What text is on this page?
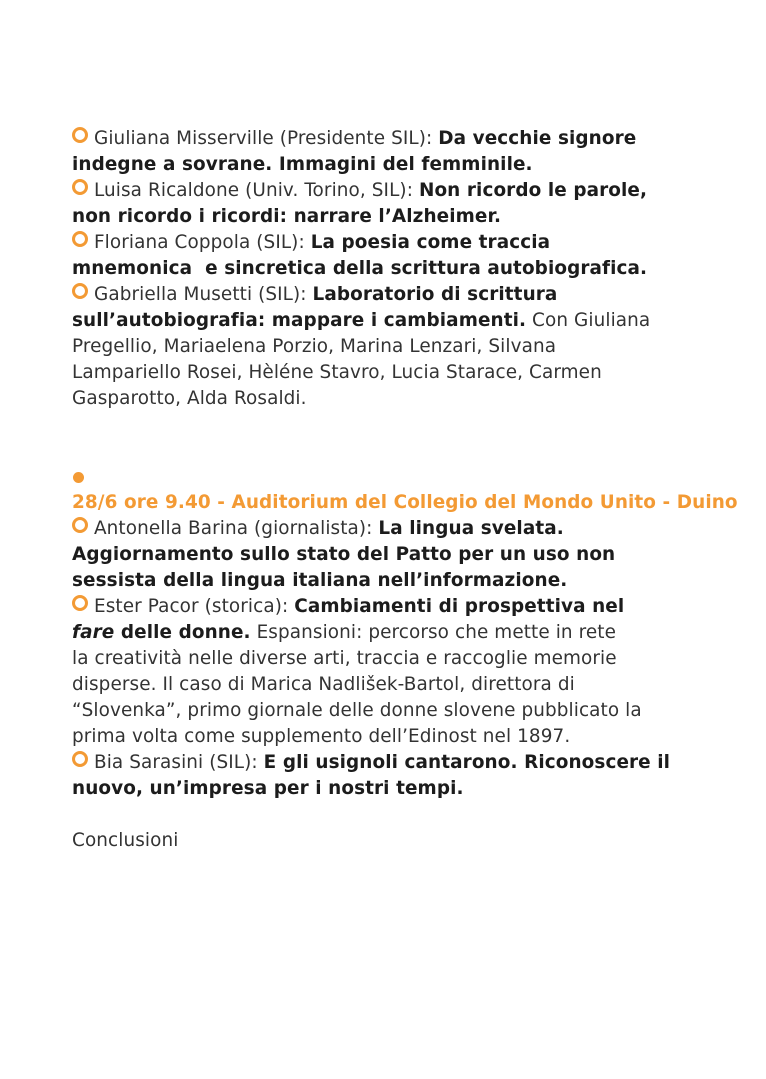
Giuliana Misserville (Presidente SIL): Da vecchie signore
indegne a sovrane. Immagini del femminile.

Luisa Ricaldone (Univ. Torino, SIL): Non ricordo le parole,
non ricordo i ricordi: narrare l’Alzheimer.

Floriana Coppola (SIL): La poesia come traccia
mnemonica  e sincretica della scrittura autobiografica.

Gabriella Musetti (SIL): Laboratorio di scrittura
sull’autobiografia: mappare i cambiamenti. Con Giuliana
Pregellio, Mariaelena Porzio, Marina Lenzari, Silvana
Lampariello Rosei, Hèléne Stavro, Lucia Starace, Carmen
Gasparotto, Alda Rosaldi.

28/6 ore 9.40 - Auditorium del Collegio del Mondo Unito - Duino

Antonella Barina (giornalista): La lingua svelata.
Aggiornamento sullo stato del Patto per un uso non
sessista della lingua italiana nell’informazione.

Ester Pacor (storica): Cambiamenti di prospettiva nel
fare delle donne. Espansioni: percorso che mette in rete
la creatività nelle diverse arti, traccia e raccoglie memorie
disperse. Il caso di Marica Nadlišek-Bartol, direttora di
“Slovenka”, primo giornale delle donne slovene pubblicato la
prima volta come supplemento dell’Edinost nel 1897.

Bia Sarasini (SIL): E gli usignoli cantarono. Riconoscere il
nuovo, un’impresa per i nostri tempi.

Conclusioni
